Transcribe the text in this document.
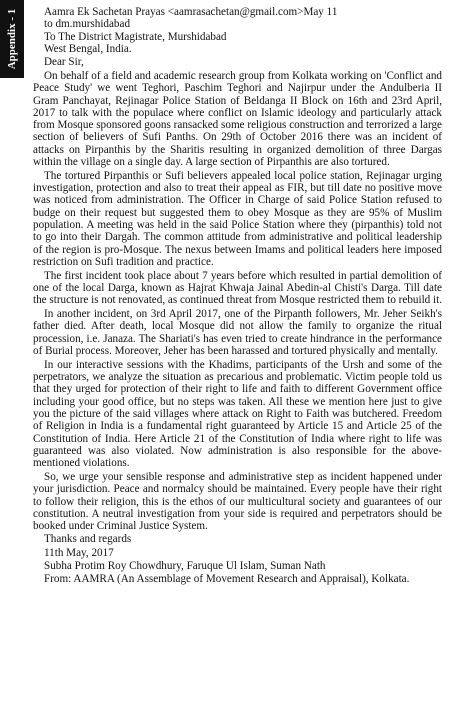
Appendix - 1	Aamra Ek Sachetan Prayas <aamrasachetan@gmail.com>May 11

to dm.murshidabad

To The District Magistrate, Murshidabad

West Bengal, India.

Dear Sir,

On behalf of a field and academic research group from Kolkata working on 'Conflict and Peace Study' we went Teghori, Paschim Teghori and Najirpur under the Andulberia II Gram Panchayat, Rejinagar Police Station of Beldanga II Block on 16th and 23rd April, 2017 to talk with the populace where conflict on Islamic ideology and particularly attack from Mosque sponsored goons ransacked some religious construction and terrorized a large section of believers of Sufi Panths. On 29th of October 2016 there was an incident of attacks on Pirpanthis by the Sharitis resulting in organized demolition of three Dargas within the village on a single day. A large section of Pirpanthis are also tortured.

The tortured Pirpanthis or Sufi believers appealed local police station, Rejinagar urging investigation, protection and also to treat their appeal as FIR, but till date no positive move was noticed from administration. The Officer in Charge of said Police Station refused to budge on their request but suggested them to obey Mosque as they are 95% of Muslim population. A meeting was held in the said Police Station where they (pirpanthis) told not to go into their Dargah. The common attitude from administrative and political leadership of the region is pro-Mosque. The nexus between Imams and political leaders here imposed restriction on Sufi tradition and practice.

The first incident took place about 7 years before which resulted in partial demolition of one of the local Darga, known as Hajrat Khwaja Jainal Abedin-al Chisti's Darga. Till date the structure is not renovated, as continued threat from Mosque restricted them to rebuild it.

In another incident, on 3rd April 2017, one of the Pirpanth followers, Mr. Jeher Seikh's father died. After death, local Mosque did not allow the family to organize the ritual procession, i.e. Janaza. The Shariati's has even tried to create hindrance in the performance of Burial process. Moreover, Jeher has been harassed and tortured physically and mentally.

In our interactive sessions with the Khadims, participants of the Ursh and some of the perpetrators, we analyze the situation as precarious and problematic. Victim people told us that they urged for protection of their right to life and faith to different Government office including your good office, but no steps was taken. All these we mention here just to give you the picture of the said villages where attack on Right to Faith was butchered. Freedom of Religion in India is a fundamental right guaranteed by Article 15 and Article 25 of the Constitution of India. Here Article 21 of the Constitution of India where right to life was guaranteed was also violated. Now administration is also responsible for the above-mentioned violations.

So, we urge your sensible response and administrative step as incident happened under your jurisdiction. Peace and normalcy should be maintained. Every people have their right to follow their religion, this is the ethos of our multicultural society and guarantees of our constitution. A neutral investigation from your side is required and perpetrators should be booked under Criminal Justice System.

Thanks and regards

11th May, 2017

Subha Protim Roy Chowdhury, Faruque Ul Islam, Suman Nath

From: AAMRA (An Assemblage of Movement Research and Appraisal), Kolkata.
